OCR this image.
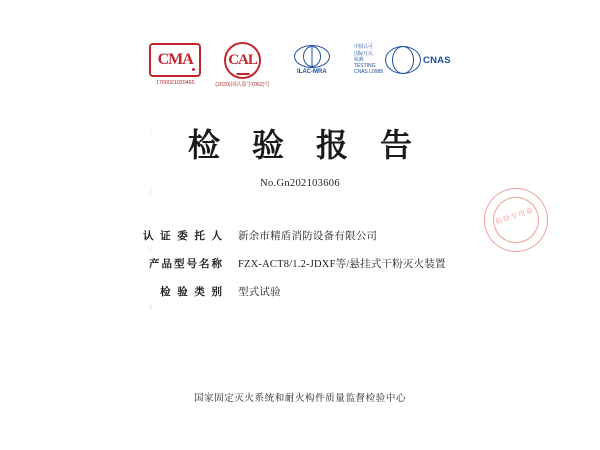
1
2
3
4
CMA
1700021020465
CAL
(2020)国认监字(062)号
ILAC-MRA
中国认可
国际互认
检测
TESTING
CNAS L0988
CNAS
检 验 报 告
No.Gn202103606
检验专用章
认 证 委 托 人 新余市精盾消防设备有限公司
产品型号名称 FZX-ACT8/1.2-JDXF等/悬挂式干粉灭火装置
检 验 类 别 型式试验
国家固定灭火系统和耐火构件质量监督检验中心
